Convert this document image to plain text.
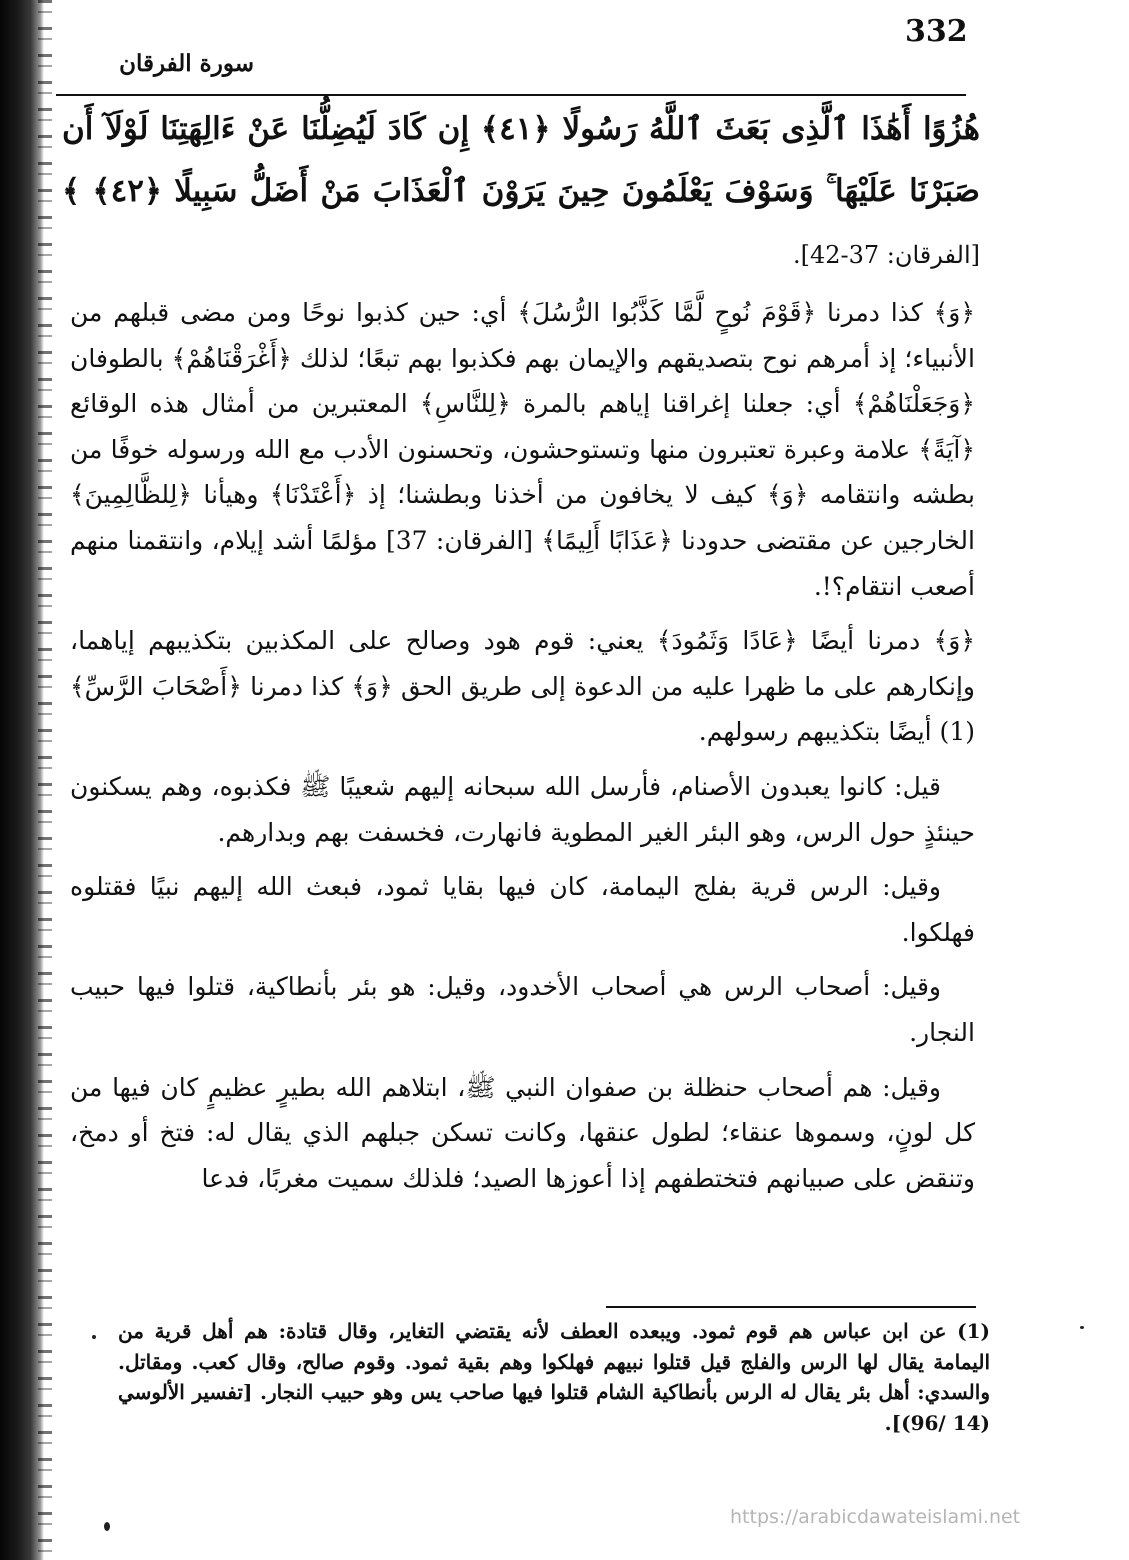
332
سورة الفرقان
هُزُوًا أَهَٰذَا ٱلَّذِى بَعَثَ ٱللَّهُ رَسُولًا ﴿٤١﴾ إِن كَادَ لَيُضِلُّنَا عَنْ ءَالِهَتِنَا لَوْلَآ أَن صَبَرْنَا عَلَيْهَا ۚ وَسَوْفَ يَعْلَمُونَ حِينَ يَرَوْنَ ٱلْعَذَابَ مَنْ أَضَلُّ سَبِيلًا ﴿٤٢﴾ ﴾ [الفرقان: 37-42].

﴿وَ﴾ كذا دمرنا ﴿قَوْمَ نُوحٍ لَّمَّا كَذَّبُوا الرُّسُلَ﴾ أي: حين كذبوا نوحًا ومن مضى قبلهم من الأنبياء؛ إذ أمرهم نوح بتصديقهم والإيمان بهم فكذبوا بهم تبعًا؛ لذلك ﴿أَغْرَقْنَاهُمْ﴾ بالطوفان ﴿وَجَعَلْنَاهُمْ﴾ أي: جعلنا إغراقنا إياهم بالمرة ﴿لِلنَّاسِ﴾ المعتبرين من أمثال هذه الوقائع ﴿آيَةً﴾ علامة وعبرة تعتبرون منها وتستوحشون، وتحسنون الأدب مع الله ورسوله خوفًا من بطشه وانتقامه ﴿وَ﴾ كيف لا يخافون من أخذنا وبطشنا؛ إذ ﴿أَعْتَدْنَا﴾ وهيأنا ﴿لِلظَّالِمِينَ﴾ الخارجين عن مقتضى حدودنا ﴿عَذَابًا أَلِيمًا﴾ [الفرقان: 37] مؤلمًا أشد إيلام، وانتقمنا منهم أصعب انتقام؟!.

﴿وَ﴾ دمرنا أيضًا ﴿عَادًا وَثَمُودَ﴾ يعني: قوم هود وصالح على المكذبين بتكذيبهم إياهما، وإنكارهم على ما ظهرا عليه من الدعوة إلى طريق الحق ﴿وَ﴾ كذا دمرنا ﴿أَصْحَابَ الرَّسِّ﴾(1) أيضًا بتكذيبهم رسولهم.

قيل: كانوا يعبدون الأصنام، فأرسل الله سبحانه إليهم شعيبًا ﷺ فكذبوه، وهم يسكنون حينئذٍ حول الرس، وهو البئر الغير المطوية فانهارت، فخسفت بهم وبدارهم.

وقيل: الرس قرية بفلج اليمامة، كان فيها بقايا ثمود، فبعث الله إليهم نبيًا فقتلوه فهلكوا.

وقيل: أصحاب الرس هي أصحاب الأخدود، وقيل: هو بئر بأنطاكية، قتلوا فيها حبيب النجار.

وقيل: هم أصحاب حنظلة بن صفوان النبي ﷺ، ابتلاهم الله بطيرٍ عظيمٍ كان فيها من كل لونٍ، وسموها عنقاء؛ لطول عنقها، وكانت تسكن جبلهم الذي يقال له: فتخ أو دمخ، وتنقض على صبيانهم فتختطفهم إذا أعوزها الصيد؛ فلذلك سميت مغربًا، فدعا

(1) عن ابن عباس هم قوم ثمود. ويبعده العطف لأنه يقتضي التغاير، وقال قتادة: هم أهل قرية من اليمامة يقال لها الرس والفلج قيل قتلوا نبيهم فهلكوا وهم بقية ثمود. وقوم صالح، وقال كعب. ومقاتل. والسدي: أهل بئر يقال له الرس بأنطاكية الشام قتلوا فيها صاحب يس وهو حبيب النجار. [تفسير الألوسي (14 /96)].
https://arabicdawateislami.net
